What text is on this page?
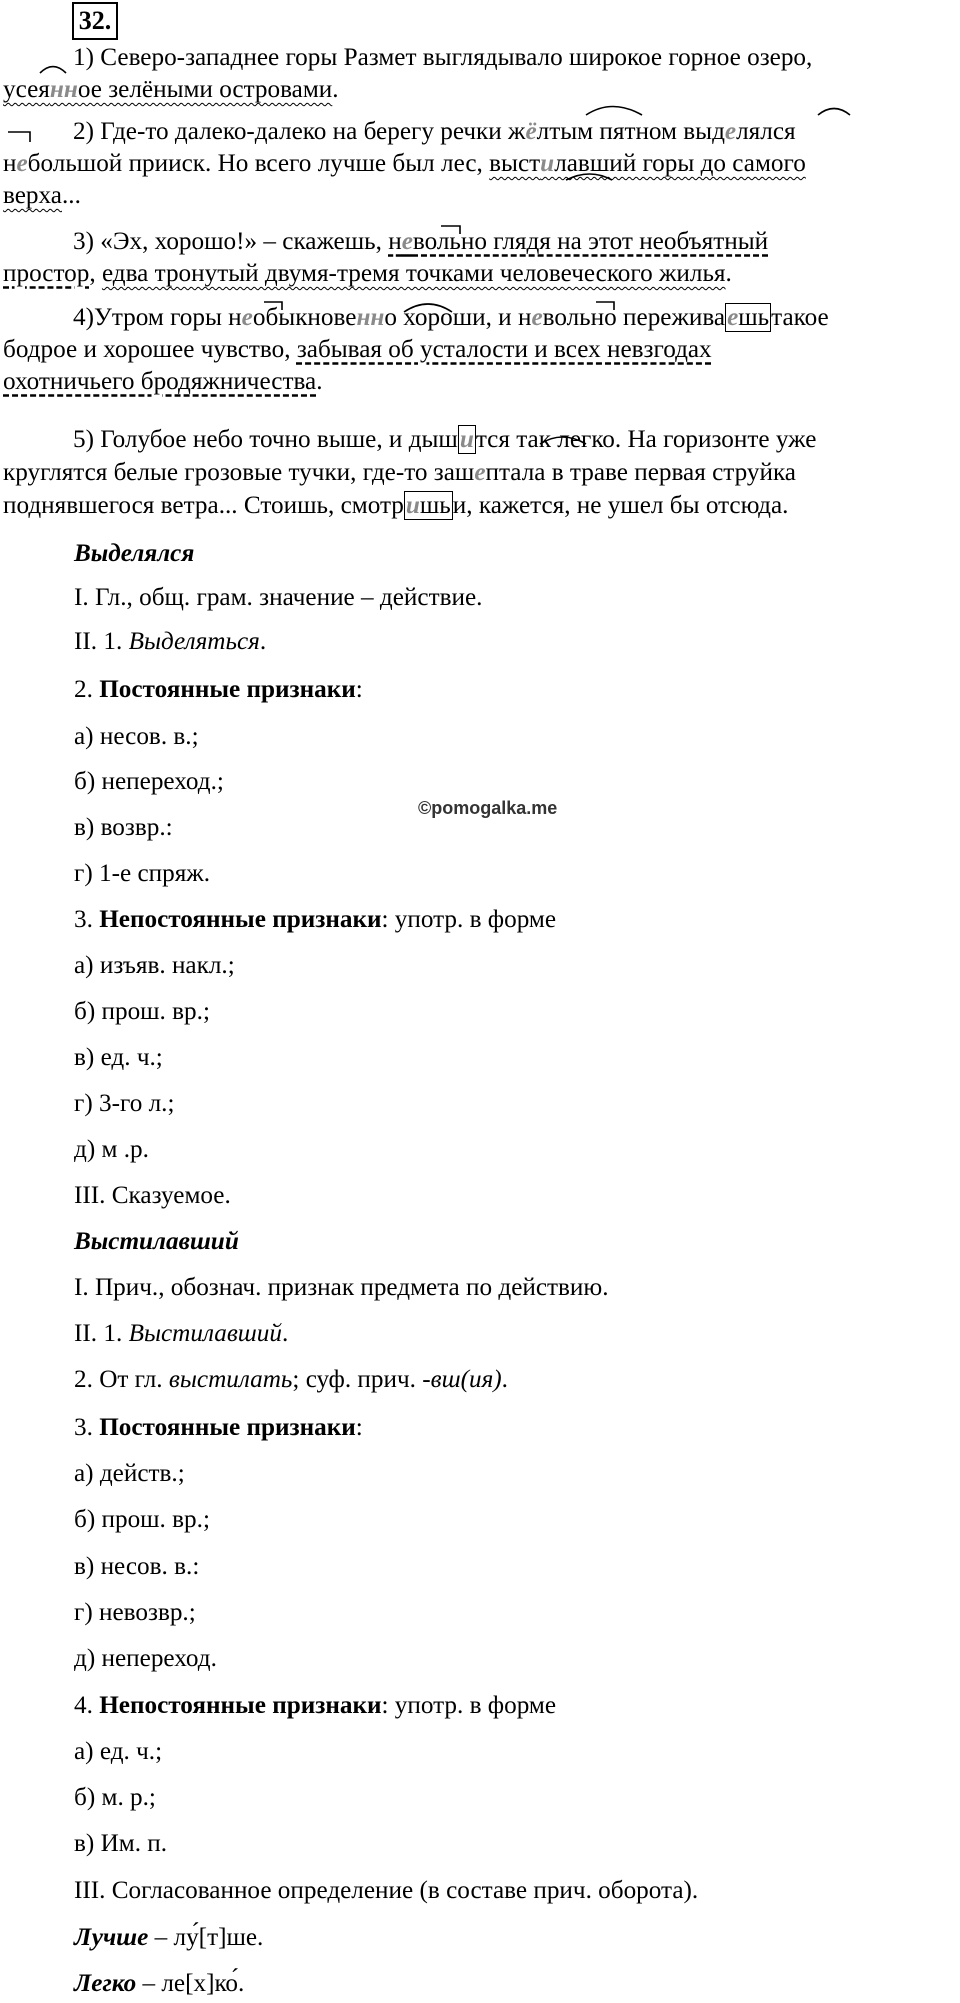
32.
1) Северо-западнее горы Размет выглядывало широкое горное озеро,
усеянное зелёными островами.
2) Где-то далеко-далеко на берегу речки жёлтым пятном выделялся
небольшой прииск. Но всего лучше был лес, выстилавший горы до самого
верха...
3) «Эх, хорошо!» – скажешь, невольно глядя на этот необъятный
простор, едва тронутый двумя-тремя точками человеческого жилья.
4)Утром горы необыкновенно хороши, и невольно переживаешьтакое
бодрое и хорошее чувство, забывая об усталости и всех невзгодах
охотничьего бродяжничества.
5) Голубое небо точно выше, и дышится так легко. На горизонте уже
круглятся белые грозовые тучки, где-то зашептала в траве первая струйка
поднявшегося ветра... Стоишь, смотришьи, кажется, не ушел бы отсюда.
©pomogalka.me
Выделялся
I. Гл., общ. грам. значение – действие.
II. 1. Выделяться.
2. Постоянные признаки:
а) несов. в.;
б) непереход.;
в) возвр.:
г) 1-е спряж.
3. Непостоянные признаки: употр. в форме
а) изъяв. накл.;
б) прош. вр.;
в) ед. ч.;
г) 3-го л.;
д) м .р.
III. Сказуемое.
Выстилавший
I. Прич., обознач. признак предмета по действию.
II. 1. Выстилавший.
2. От гл. выстилать; суф. прич. -вш(ия).
3. Постоянные признаки:
а) действ.;
б) прош. вр.;
в) несов. в.:
г) невозвр.;
д) непереход.
4. Непостоянные признаки: употр. в форме
а) ед. ч.;
б) м. р.;
в) Им. п.
III. Согласованное определение (в составе прич. оборота).
Лучше – лу́[т]ше.
Легко – ле[х]ко́.
